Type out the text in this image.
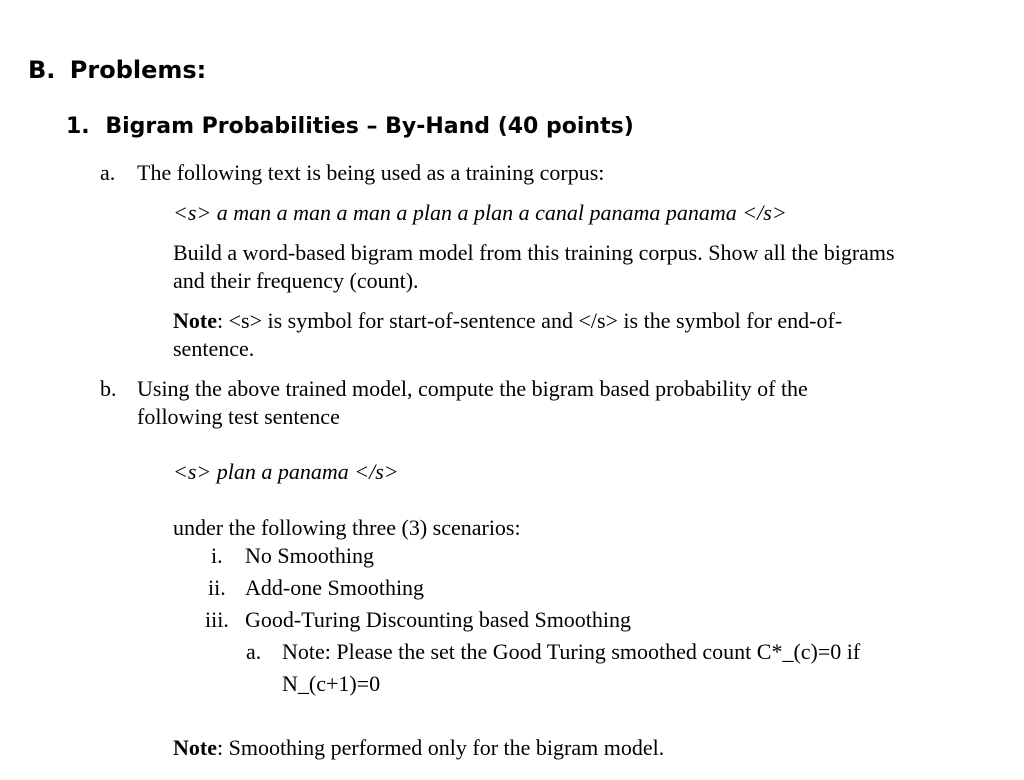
B. Problems:
1. Bigram Probabilities – By-Hand (40 points)
a. The following text is being used as a training corpus:
<s> a man a man a man a plan a plan a canal panama panama </s>
Build a word-based bigram model from this training corpus. Show all the bigrams
and their frequency (count).
Note: <s> is symbol for start-of-sentence and </s> is the symbol for end-of-
sentence.
b. Using the above trained model, compute the bigram based probability of the
following test sentence
<s> plan a panama </s>
under the following three (3) scenarios:
i. No Smoothing
ii. Add-one Smoothing
iii. Good-Turing Discounting based Smoothing
a. Note: Please the set the Good Turing smoothed count C*_(c)=0 if
N_(c+1)=0
Note: Smoothing performed only for the bigram model.
